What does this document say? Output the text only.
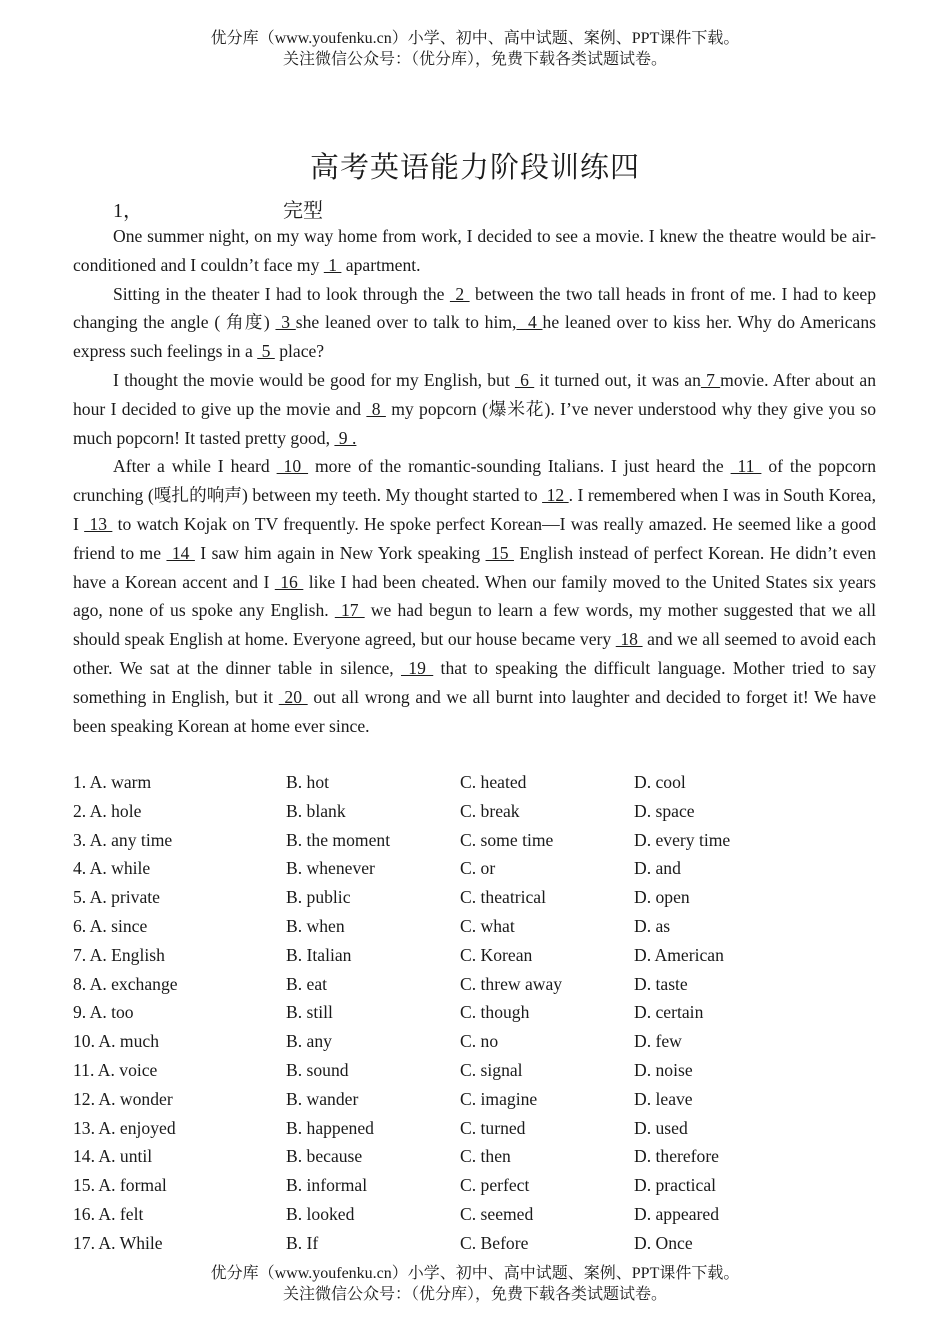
优分库（www.youfenku.cn）小学、初中、高中试题、案例、PPT课件下载。
关注微信公众号：（优分库），免费下载各类试题试卷。
高考英语能力阶段训练四
1，	完型

One summer night, on my way home from work, I decided to see a movie. I knew the theatre would be air-conditioned and I couldn’t face my  1  apartment.

Sitting in the theater I had to look through the  2  between the two tall heads in front of me. I had to keep changing the angle ( 角度)  3 she leaned over to talk to him,  4 he leaned over to kiss her. Why do Americans express such feelings in a  5  place?

I thought the movie would be good for my English, but  6  it turned out, it was an 7 movie. After about an hour I decided to give up the movie and  8  my popcorn (爆米花). I’ve never understood why they give you so much popcorn! It tasted pretty good,  9 .

After a while I heard  10  more of the romantic-sounding Italians. I just heard the  11  of the popcorn crunching (嘎扎的响声) between my teeth. My thought started to  12 . I remembered when I was in South Korea, I  13  to watch Kojak on TV frequently. He spoke perfect Korean—I was really amazed. He seemed like a good friend to me  14  I saw him again in New York speaking  15  English instead of perfect Korean. He didn’t even have a Korean accent and I  16  like I had been cheated. When our family moved to the United States six years ago, none of us spoke any English.  17  we had begun to learn a few words, my mother suggested that we all should speak English at home. Everyone agreed, but our house became very  18  and we all seemed to avoid each other. We sat at the dinner table in silence,  19  that to speaking the difficult language. Mother tried to say something in English, but it  20  out all wrong and we all burnt into laughter and decided to forget it! We have been speaking Korean at home ever since.

1. A. warm	B. hot	C. heated	D. cool
2. A. hole	B. blank	C. break	D. space
3. A. any time	B. the moment	C. some time	D. every time
4. A. while	B. whenever	C. or	D. and
5. A. private	B. public	C. theatrical	D. open
6. A. since	B. when	C. what	D. as
7. A. English	B. Italian	C. Korean	D. American
8. A. exchange	B. eat	C. threw away	D. taste
9. A. too	B. still	C. though	D. certain
10. A. much	B. any	C. no	D. few
11. A. voice	B. sound	C. signal	D. noise
12. A. wonder	B. wander	C. imagine	D. leave
13. A. enjoyed	B. happened	C. turned	D. used
14. A. until	B. because	C. then	D. therefore
15. A. formal	B. informal	C. perfect	D. practical
16. A. felt	B. looked	C. seemed	D. appeared
17. A. While	B. If	C. Before	D. Once
优分库（www.youfenku.cn）小学、初中、高中试题、案例、PPT课件下载。
关注微信公众号：（优分库），免费下载各类试题试卷。
